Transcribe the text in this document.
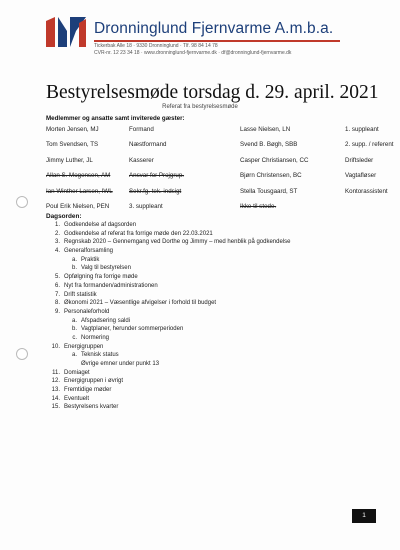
Dronninglund Fjernvarme A.m.b.a.
Tickerbak Alle 18 · 9330 Dronninglund · Tlf. 98 84 14 78
CVR-nr. 12 23 34 18 · www.dronninglund-fjernvarme.dk · df@dronninglund-fjernvarme.dk
Bestyrelsesmøde torsdag d. 29. april. 2021
Referat fra bestyrelsesmøde
Medlemmer og ansatte samt inviterede gæster:
Morten Jensen, MJ	Formand	Lasse Nielsen, LN	1. suppleant
Tom Svendsen, TS	Næstformand	Svend B. Bøgh, SBB	2. supp. / referent
Jimmy Luther, JL	Kasserer	Casper Christiansen, CC	Driftsleder
Allan S. Mogensen, AM	Ansvar for Projgrup.	Bjørn Christensen, BC	Vagtafløser
Ian Winther Larsen, IWL	Sekr.fg. tek. indsigt	Stella Tousgaard, ST	Kontorassistent
Poul Erik Nielsen, PEN	3. suppleant	Ikke til stede.
Dagsorden:
1. Godkendelse af dagsorden
2. Godkendelse af referat fra forrige møde den 22.03.2021
3. Regnskab 2020 – Gennemgang ved Dorthe og Jimmy – med henblik på godkendelse
4. Generalforsamling
a. Praktik
b. Valg til bestyrelsen
5. Opfølgning fra forrige møde
6. Nyt fra formanden/administrationen
7. Drift statistik
8. Økonomi 2021 – Væsentlige afvigelser i forhold til budget
9. Personaleforhold
a. Afspadsering saldi
b. Vagtplaner, herunder sommerperioden
c. Normering
10. Energigruppen
a. Teknisk status
Øvrige emner under punkt 13
11. Domiaget
12. Energigruppen i øvrigt
13. Fremtidige møder
14. Eventuelt
15. Bestyrelsens kvarter
1
